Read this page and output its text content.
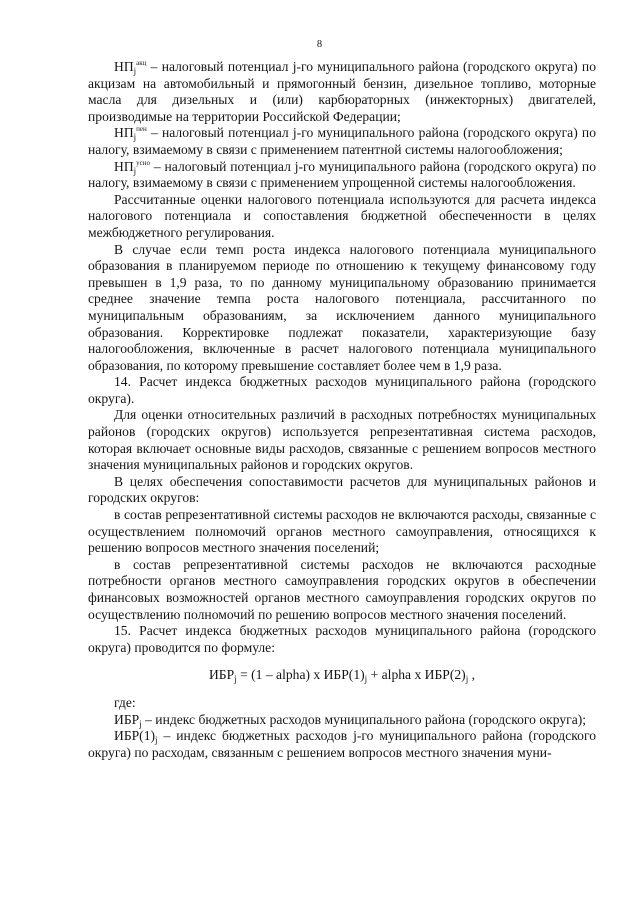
8

$НП_j^{акц}$ – налоговый потенциал j-го муниципального района (городского округа) по акцизам на автомобильный и прямогонный бензин, дизельное топливо, моторные масла для дизельных и (или) карбюраторных (инжекторных) двигателей, производимые на территории Российской Федерации;

$НП_j^{пен}$ – налоговый потенциал j-го муниципального района (городского округа) по налогу, взимаемому в связи с применением патентной системы налогообложения;

$НП_j^{усно}$ – налоговый потенциал j-го муниципального района (городского округа) по налогу, взимаемому в связи с применением упрощенной системы налогообложения.

Рассчитанные оценки налогового потенциала используются для расчета индекса налогового потенциала и сопоставления бюджетной обеспеченности в целях межбюджетного регулирования.

В случае если темп роста индекса налогового потенциала муниципального образования в планируемом периоде по отношению к текущему финансовому году превышен в 1,9 раза, то по данному муниципальному образованию принимается среднее значение темпа роста налогового потенциала, рассчитанного по муниципальным образованиям, за исключением данного муниципального образования. Корректировке подлежат показатели, характеризующие базу налогообложения, включенные в расчет налогового потенциала муниципального образования, по которому превышение составляет более чем в 1,9 раза.

14. Расчет индекса бюджетных расходов муниципального района (городского округа).

Для оценки относительных различий в расходных потребностях муниципальных районов (городских округов) используется репрезентативная система расходов, которая включает основные виды расходов, связанные с решением вопросов местного значения муниципальных районов и городских округов.

В целях обеспечения сопоставимости расчетов для муниципальных районов и городских округов:

в состав репрезентативной системы расходов не включаются расходы, связанные с осуществлением полномочий органов местного самоуправления, относящихся к решению вопросов местного значения поселений;

в состав репрезентативной системы расходов не включаются расходные потребности органов местного самоуправления городских округов в обеспечении финансовых возможностей органов местного самоуправления городских округов по осуществлению полномочий по решению вопросов местного значения поселений.

15. Расчет индекса бюджетных расходов муниципального района (городского округа) проводится по формуле:

$ИБР_j = (1$ – alpha) x $ИБР(1)_j$ + alpha x $ИБР(2)_j$ ,

где:

$ИБР_j$ – индекс бюджетных расходов муниципального района (городского округа);

$ИБР(1)_j$ – индекс бюджетных расходов j-го муниципального района (городского округа) по расходам, связанным с решением вопросов местного значения муни-
